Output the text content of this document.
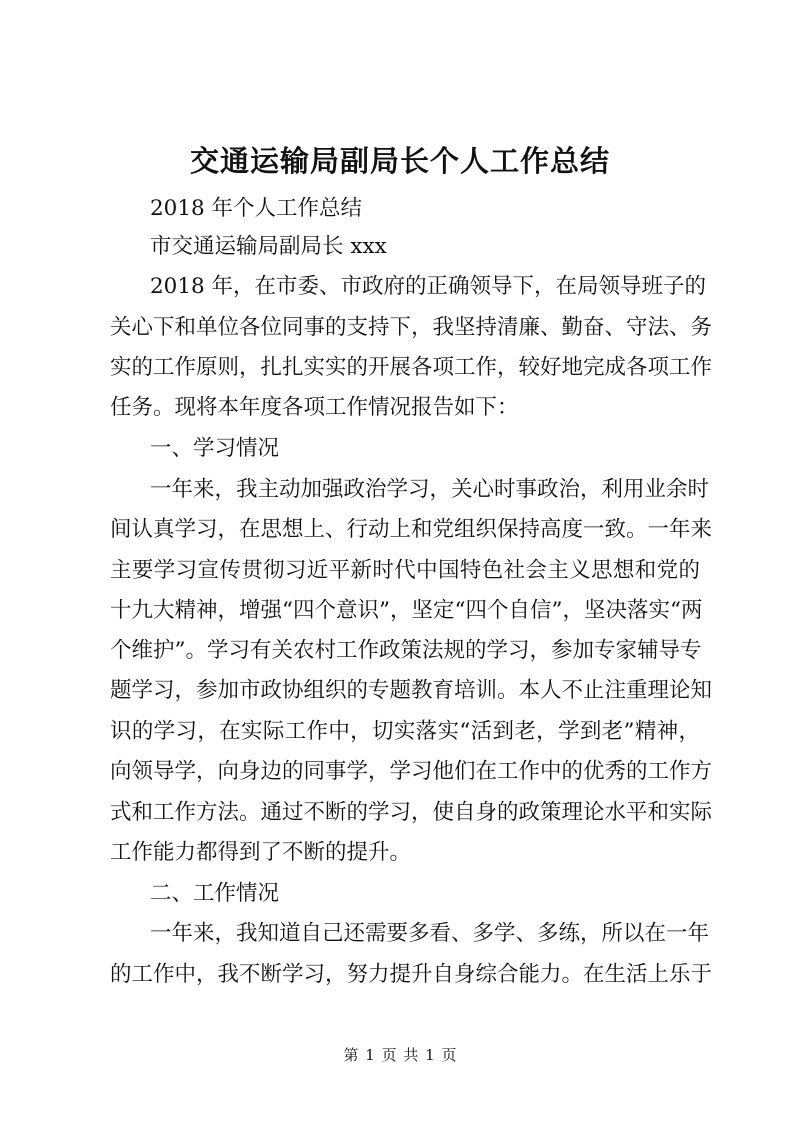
交通运输局副局长个人工作总结
2018 年个人工作总结
市交通运输局副局长 xxx
2018 年，在市委、市政府的正确领导下，在局领导班子的
关心下和单位各位同事的支持下，我坚持清廉、勤奋、守法、务
实的工作原则，扎扎实实的开展各项工作，较好地完成各项工作
任务。现将本年度各项工作情况报告如下：
一、学习情况
一年来，我主动加强政治学习，关心时事政治，利用业余时
间认真学习，在思想上、行动上和党组织保持高度一致。一年来
主要学习宣传贯彻习近平新时代中国特色社会主义思想和党的
十九大精神，增强“四个意识”，坚定“四个自信”，坚决落实“两
个维护”。学习有关农村工作政策法规的学习，参加专家辅导专
题学习，参加市政协组织的专题教育培训。本人不止注重理论知
识的学习，在实际工作中，切实落实“活到老，学到老”精神，
向领导学，向身边的同事学，学习他们在工作中的优秀的工作方
式和工作方法。通过不断的学习，使自身的政策理论水平和实际
工作能力都得到了不断的提升。
二、工作情况
一年来，我知道自己还需要多看、多学、多练，所以在一年
的工作中，我不断学习，努力提升自身综合能力。在生活上乐于
第 1 页 共 1 页
